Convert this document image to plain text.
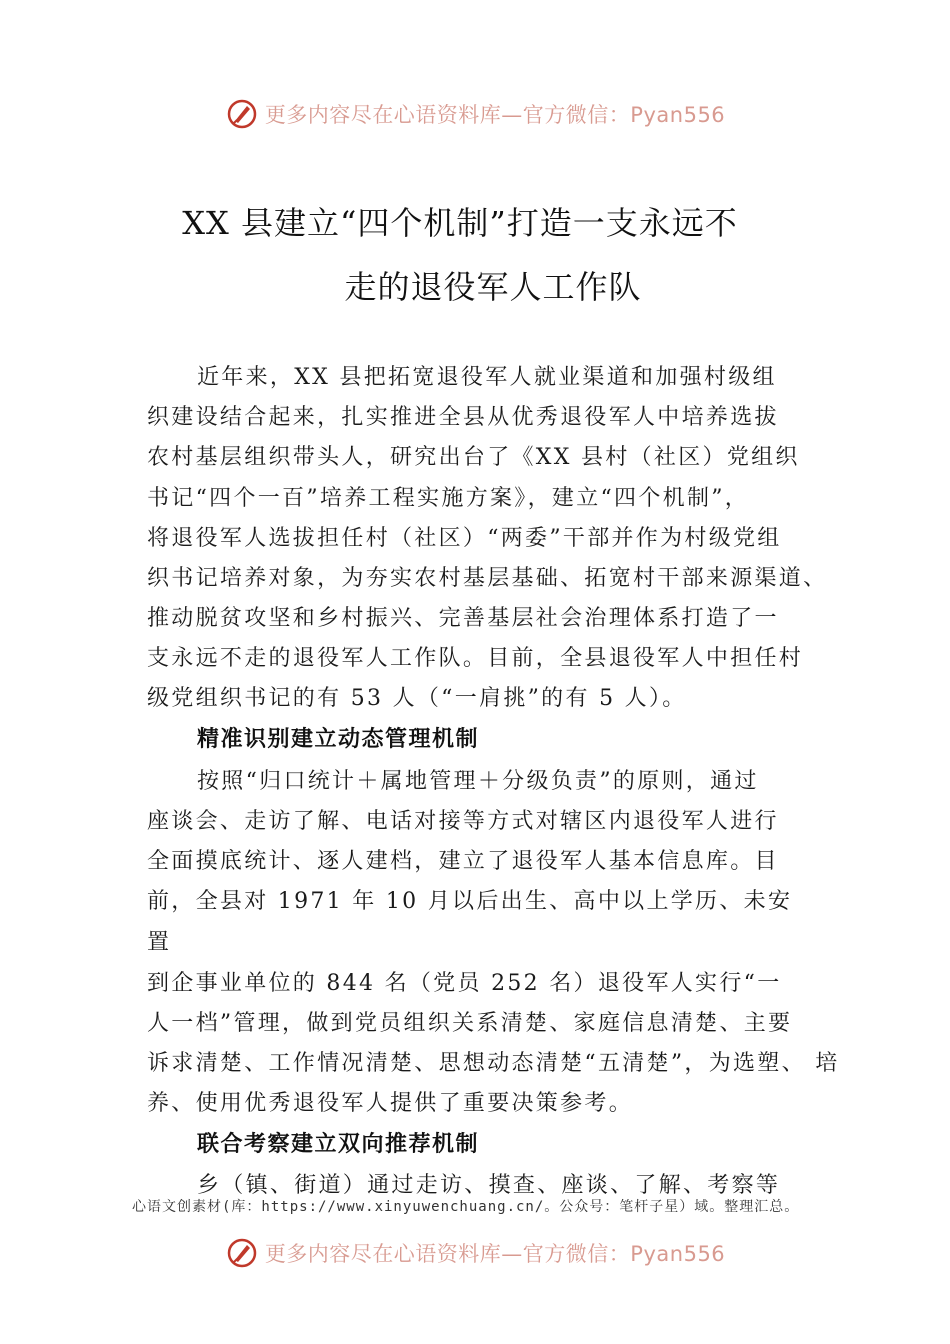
更多内容尽在心语资料库—官方微信：Pyan556
XX 县建立“四个机制”打造一支永远不
走的退役军人工作队
近年来，XX 县把拓宽退役军人就业渠道和加强村级组
织建设结合起来，扎实推进全县从优秀退役军人中培养选拔
农村基层组织带头人，研究出台了《XX 县村（社区）党组织
书记“四个一百”培养工程实施方案》，建立“四个机制”，
将退役军人选拔担任村（社区）“两委”干部并作为村级党组
织书记培养对象，为夯实农村基层基础、拓宽村干部来源渠道、
推动脱贫攻坚和乡村振兴、完善基层社会治理体系打造了一
支永远不走的退役军人工作队。目前，全县退役军人中担任村
级党组织书记的有 53 人（“一肩挑”的有 5 人）。
精准识别建立动态管理机制
按照“归口统计＋属地管理＋分级负责”的原则，通过
座谈会、走访了解、电话对接等方式对辖区内退役军人进行
全面摸底统计、逐人建档，建立了退役军人基本信息库。目
前，全县对 1971 年 10 月以后出生、高中以上学历、未安
置
到企事业单位的 844 名（党员 252 名）退役军人实行“一
人一档”管理，做到党员组织关系清楚、家庭信息清楚、主要
诉求清楚、工作情况清楚、思想动态清楚“五清楚”，为选塑、 培
养、使用优秀退役军人提供了重要决策参考。
联合考察建立双向推荐机制
乡（镇、街道）通过走访、摸查、座谈、了解、考察等
心语文创素材(库：https://www.xinyuwenchuang.cn/。公众号：笔杆子星）域。整理汇总。
更多内容尽在心语资料库—官方微信：Pyan556
